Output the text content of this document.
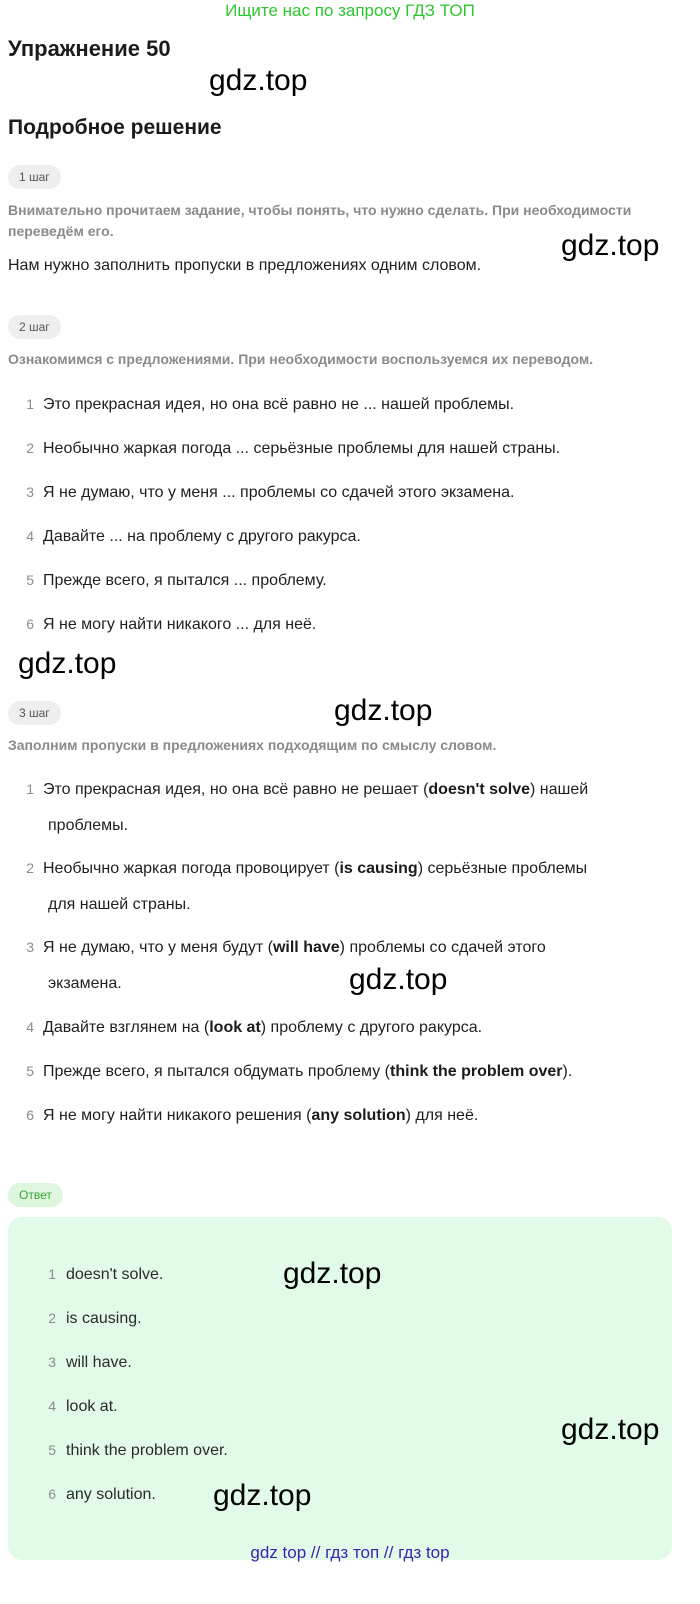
Ищите нас по запросу ГДЗ ТОП
Упражнение 50
gdz.top
Подробное решение
1 шаг
Внимательно прочитаем задание, чтобы понять, что нужно сделать. При необходимости
переведём его.	gdz.top
Нам нужно заполнить пропуски в предложениях одним словом.
2 шаг
Ознакомимся с предложениями. При необходимости воспользуемся их переводом.
1 Это прекрасная идея, но она всё равно не ... нашей проблемы.
2 Необычно жаркая погода ... серьёзные проблемы для нашей страны.
3 Я не думаю, что у меня ... проблемы со сдачей этого экзамена.
4 Давайте ... на проблему с другого ракурса.
5 Прежде всего, я пытался ... проблему.
6 Я не могу найти никакого ... для неё.
gdz.top
3 шаг	gdz.top
Заполним пропуски в предложениях подходящим по смыслу словом.
1 Это прекрасная идея, но она всё равно не решает (doesn't solve) нашей
проблемы.
2 Необычно жаркая погода провоцирует (is causing) серьёзные проблемы
для нашей страны.
3 Я не думаю, что у меня будут (will have) проблемы со сдачей этого
экзамена.	gdz.top
4 Давайте взглянем на (look at) проблему с другого ракурса.
5 Прежде всего, я пытался обдумать проблему (think the problem over).
6 Я не могу найти никакого решения (any solution) для неё.
Ответ
1 doesn't solve.
2 is causing.
3 will have.
4 look at.
5 think the problem over.
6 any solution.
gdz.top
gdz.top
gdz.top
gdz top // гдз топ // гдз top
